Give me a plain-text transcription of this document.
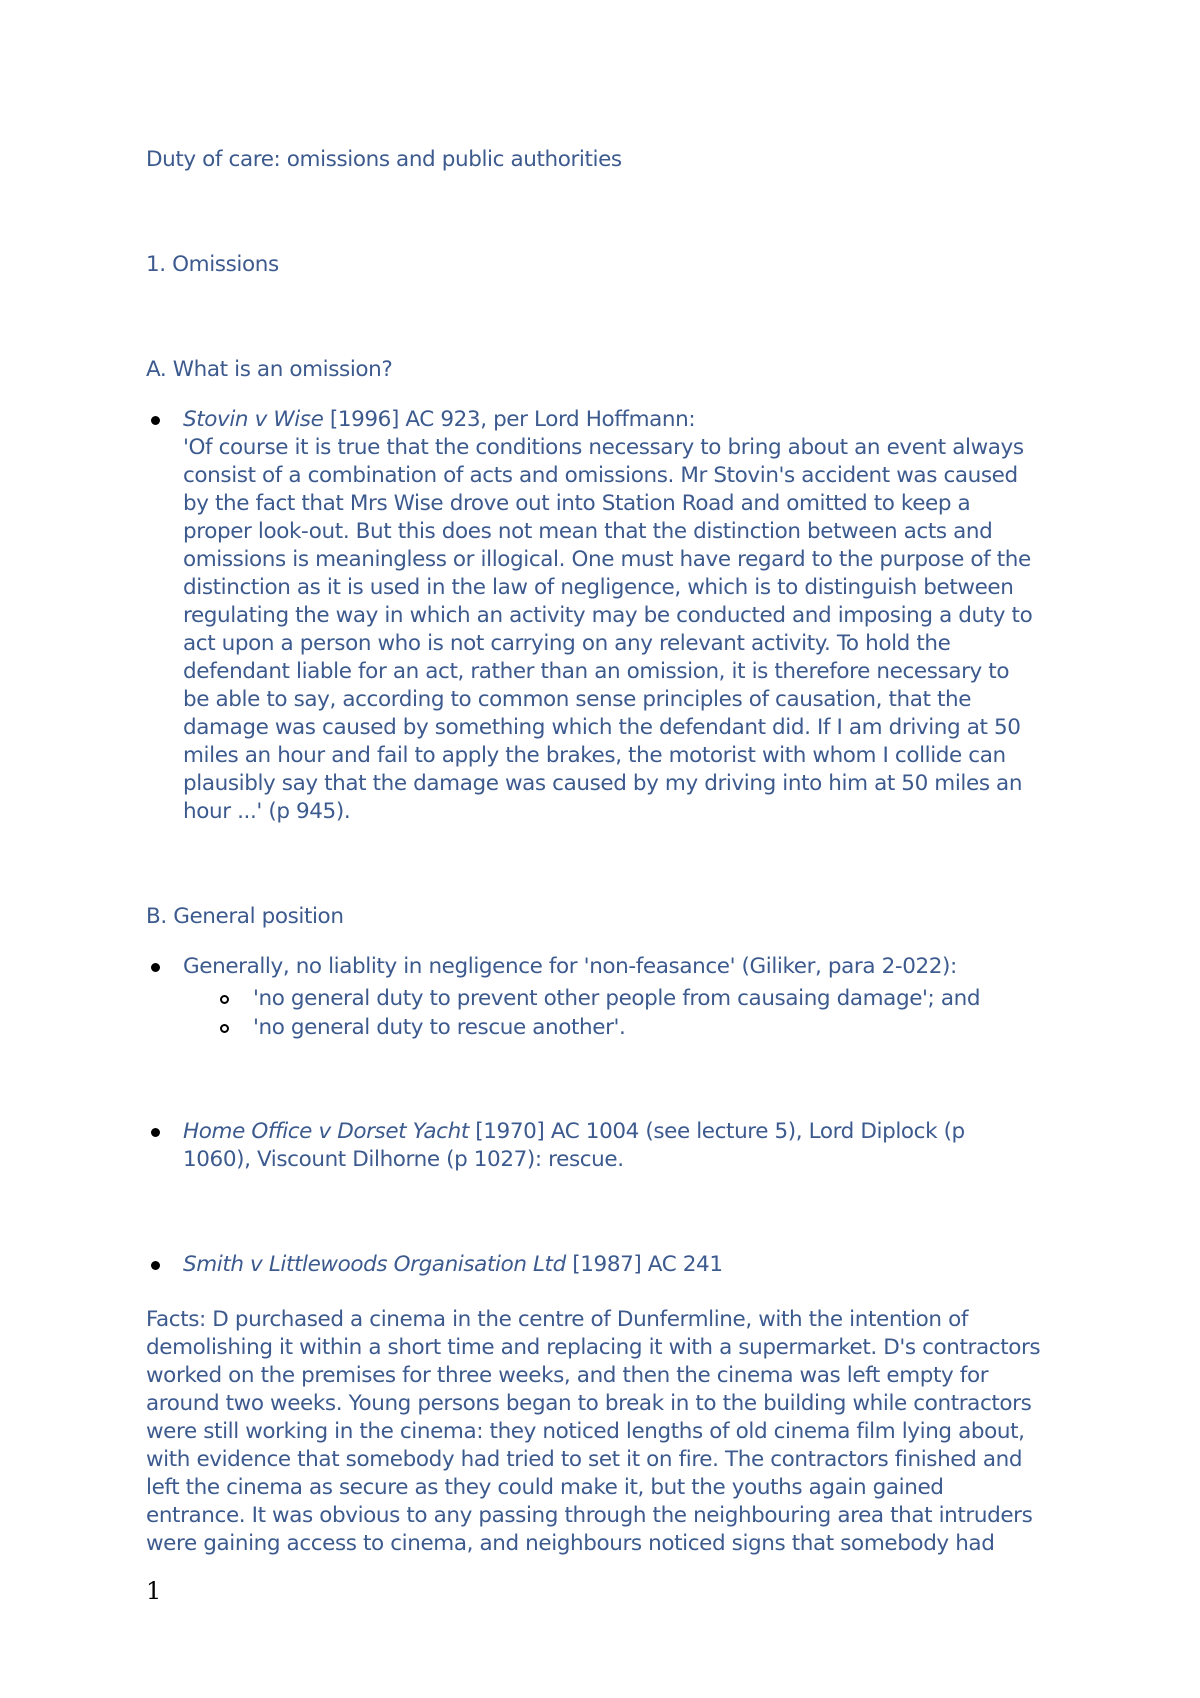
Duty of care: omissions and public authorities
1. Omissions
A. What is an omission?
Stovin v Wise [1996] AC 923, per Lord Hoffmann:
'Of course it is true that the conditions necessary to bring about an event always
consist of a combination of acts and omissions. Mr Stovin's accident was caused
by the fact that Mrs Wise drove out into Station Road and omitted to keep a
proper look-out. But this does not mean that the distinction between acts and
omissions is meaningless or illogical. One must have regard to the purpose of the
distinction as it is used in the law of negligence, which is to distinguish between
regulating the way in which an activity may be conducted and imposing a duty to
act upon a person who is not carrying on any relevant activity. To hold the
defendant liable for an act, rather than an omission, it is therefore necessary to
be able to say, according to common sense principles of causation, that the
damage was caused by something which the defendant did. If I am driving at 50
miles an hour and fail to apply the brakes, the motorist with whom I collide can
plausibly say that the damage was caused by my driving into him at 50 miles an
hour ...' (p 945).
B. General position
Generally, no liablity in negligence for 'non-feasance' (Giliker, para 2-022):
'no general duty to prevent other people from causaing damage'; and
'no general duty to rescue another'.
Home Office v Dorset Yacht [1970] AC 1004 (see lecture 5), Lord Diplock (p
1060), Viscount Dilhorne (p 1027): rescue.
Smith v Littlewoods Organisation Ltd [1987] AC 241
Facts: D purchased a cinema in the centre of Dunfermline, with the intention of
demolishing it within a short time and replacing it with a supermarket. D's contractors
worked on the premises for three weeks, and then the cinema was left empty for
around two weeks. Young persons began to break in to the building while contractors
were still working in the cinema: they noticed lengths of old cinema film lying about,
with evidence that somebody had tried to set it on fire. The contractors finished and
left the cinema as secure as they could make it, but the youths again gained
entrance. It was obvious to any passing through the neighbouring area that intruders
were gaining access to cinema, and neighbours noticed signs that somebody had
1
